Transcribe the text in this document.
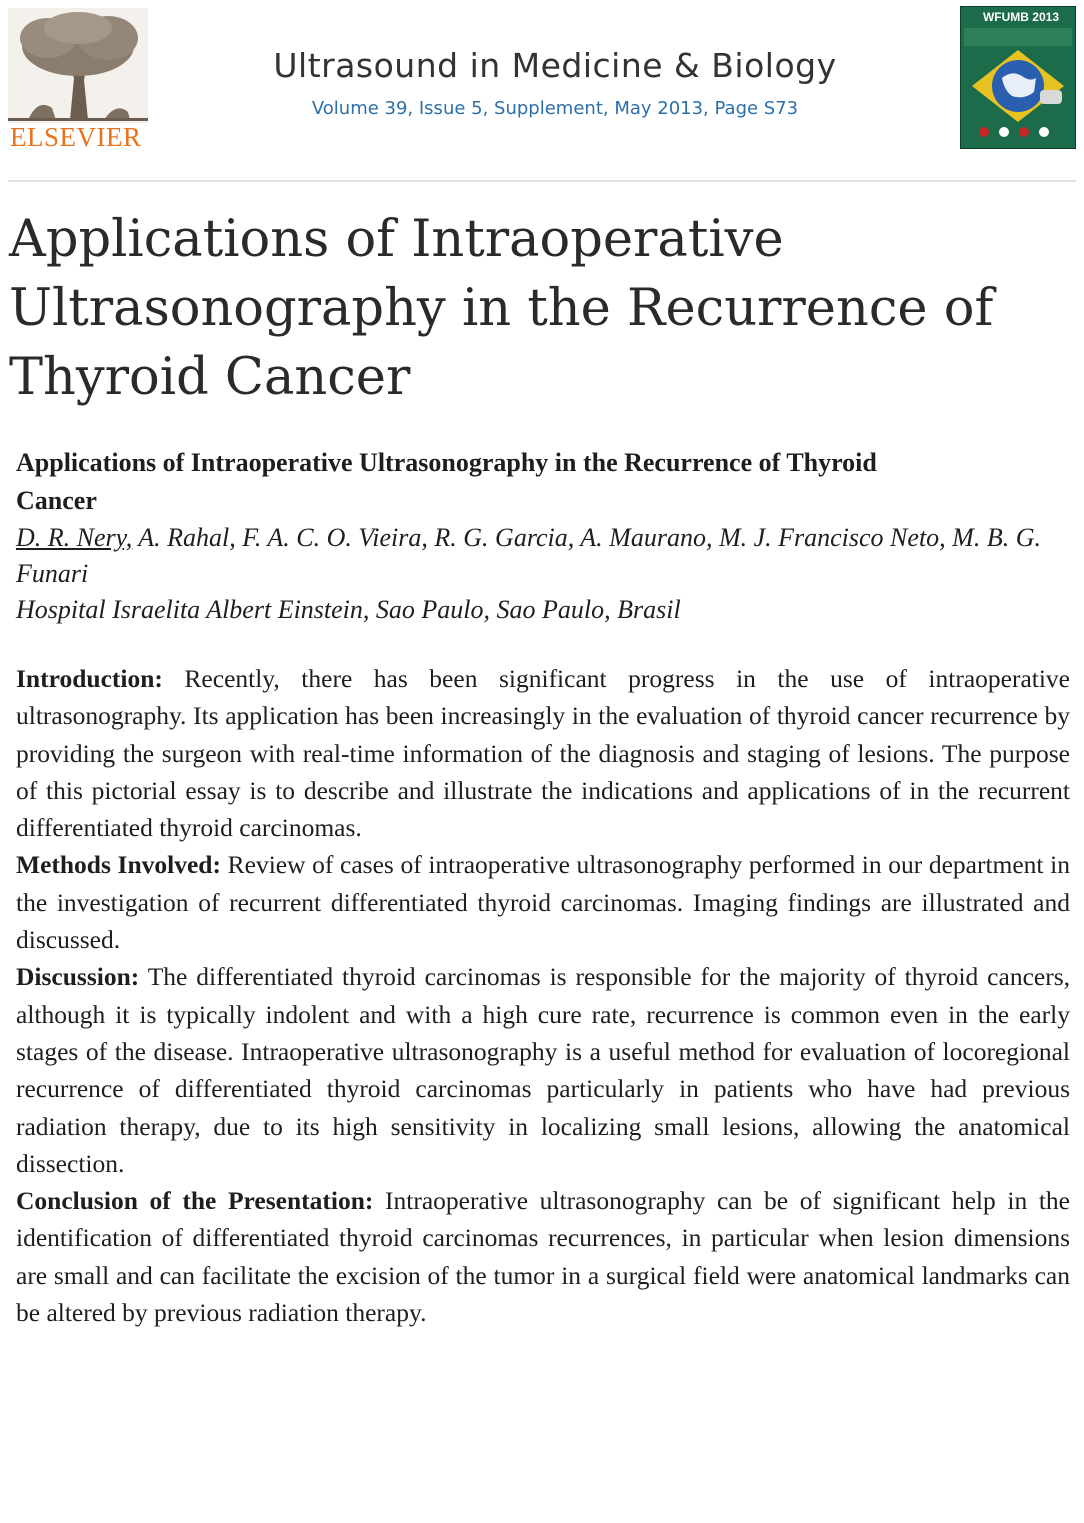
ELSEVIER
Ultrasound in Medicine & Biology
Volume 39, Issue 5, Supplement, May 2013, Page S73
WFUMB 2013
Applications of Intraoperative Ultrasonography in the Recurrence of Thyroid Cancer

Applications of Intraoperative Ultrasonography in the Recurrence of Thyroid Cancer

D. R. Nery, A. Rahal, F. A. C. O. Vieira, R. G. Garcia, A. Maurano, M. J. Francisco Neto, M. B. G. Funari

Hospital Israelita Albert Einstein, Sao Paulo, Sao Paulo, Brasil

Introduction: Recently, there has been significant progress in the use of intraoperative ultrasonography. Its application has been increasingly in the evaluation of thyroid cancer recurrence by providing the surgeon with real-time information of the diagnosis and staging of lesions. The purpose of this pictorial essay is to describe and illustrate the indications and applications of in the recurrent differentiated thyroid carcinomas.

Methods Involved: Review of cases of intraoperative ultrasonography performed in our department in the investigation of recurrent differentiated thyroid carcinomas. Imaging findings are illustrated and discussed.

Discussion: The differentiated thyroid carcinomas is responsible for the majority of thyroid cancers, although it is typically indolent and with a high cure rate, recurrence is common even in the early stages of the disease. Intraoperative ultrasonography is a useful method for evaluation of locoregional recurrence of differentiated thyroid carcinomas particularly in patients who have had previous radiation therapy, due to its high sensitivity in localizing small lesions, allowing the anatomical dissection.

Conclusion of the Presentation: Intraoperative ultrasonography can be of significant help in the identification of differentiated thyroid carcinomas recurrences, in particular when lesion dimensions are small and can facilitate the excision of the tumor in a surgical field were anatomical landmarks can be altered by previous radiation therapy.
